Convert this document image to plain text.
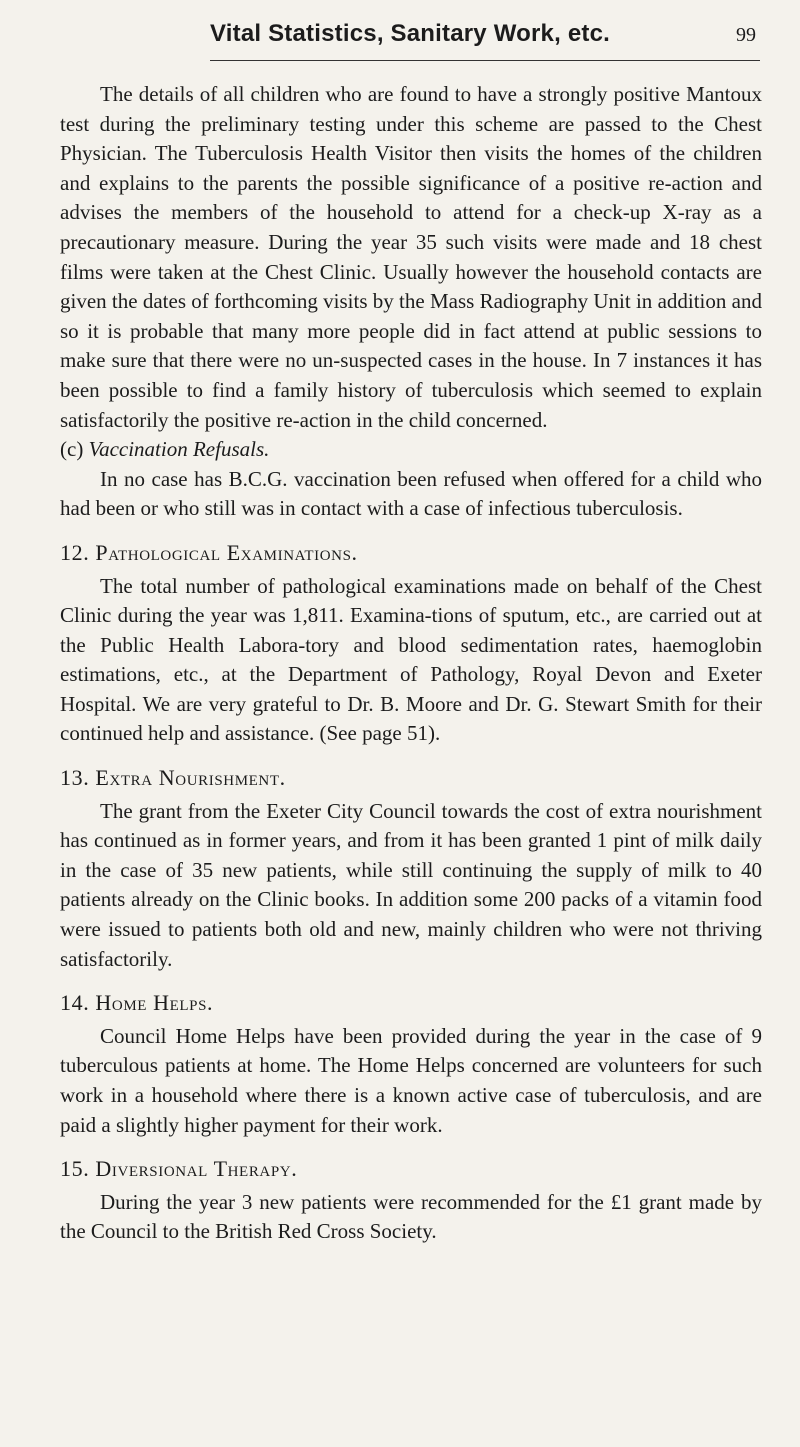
Vital Statistics, Sanitary Work, etc.	99

The details of all children who are found to have a strongly positive Mantoux test during the preliminary testing under this scheme are passed to the Chest Physician. The Tuberculosis Health Visitor then visits the homes of the children and explains to the parents the possible significance of a positive re-action and advises the members of the household to attend for a check-up X-ray as a precautionary measure. During the year 35 such visits were made and 18 chest films were taken at the Chest Clinic. Usually however the household contacts are given the dates of forthcoming visits by the Mass Radiography Unit in addition and so it is probable that many more people did in fact attend at public sessions to make sure that there were no un-suspected cases in the house. In 7 instances it has been possible to find a family history of tuberculosis which seemed to explain satisfactorily the positive re-action in the child concerned.

(c) Vaccination Refusals.

In no case has B.C.G. vaccination been refused when offered for a child who had been or who still was in contact with a case of infectious tuberculosis.

12. Pathological Examinations.

The total number of pathological examinations made on behalf of the Chest Clinic during the year was 1,811. Examina-tions of sputum, etc., are carried out at the Public Health Labora-tory and blood sedimentation rates, haemoglobin estimations, etc., at the Department of Pathology, Royal Devon and Exeter Hospital. We are very grateful to Dr. B. Moore and Dr. G. Stewart Smith for their continued help and assistance. (See page 51).

13. Extra Nourishment.

The grant from the Exeter City Council towards the cost of extra nourishment has continued as in former years, and from it has been granted 1 pint of milk daily in the case of 35 new patients, while still continuing the supply of milk to 40 patients already on the Clinic books. In addition some 200 packs of a vitamin food were issued to patients both old and new, mainly children who were not thriving satisfactorily.

14. Home Helps.

Council Home Helps have been provided during the year in the case of 9 tuberculous patients at home. The Home Helps concerned are volunteers for such work in a household where there is a known active case of tuberculosis, and are paid a slightly higher payment for their work.

15. Diversional Therapy.

During the year 3 new patients were recommended for the £1 grant made by the Council to the British Red Cross Society.
